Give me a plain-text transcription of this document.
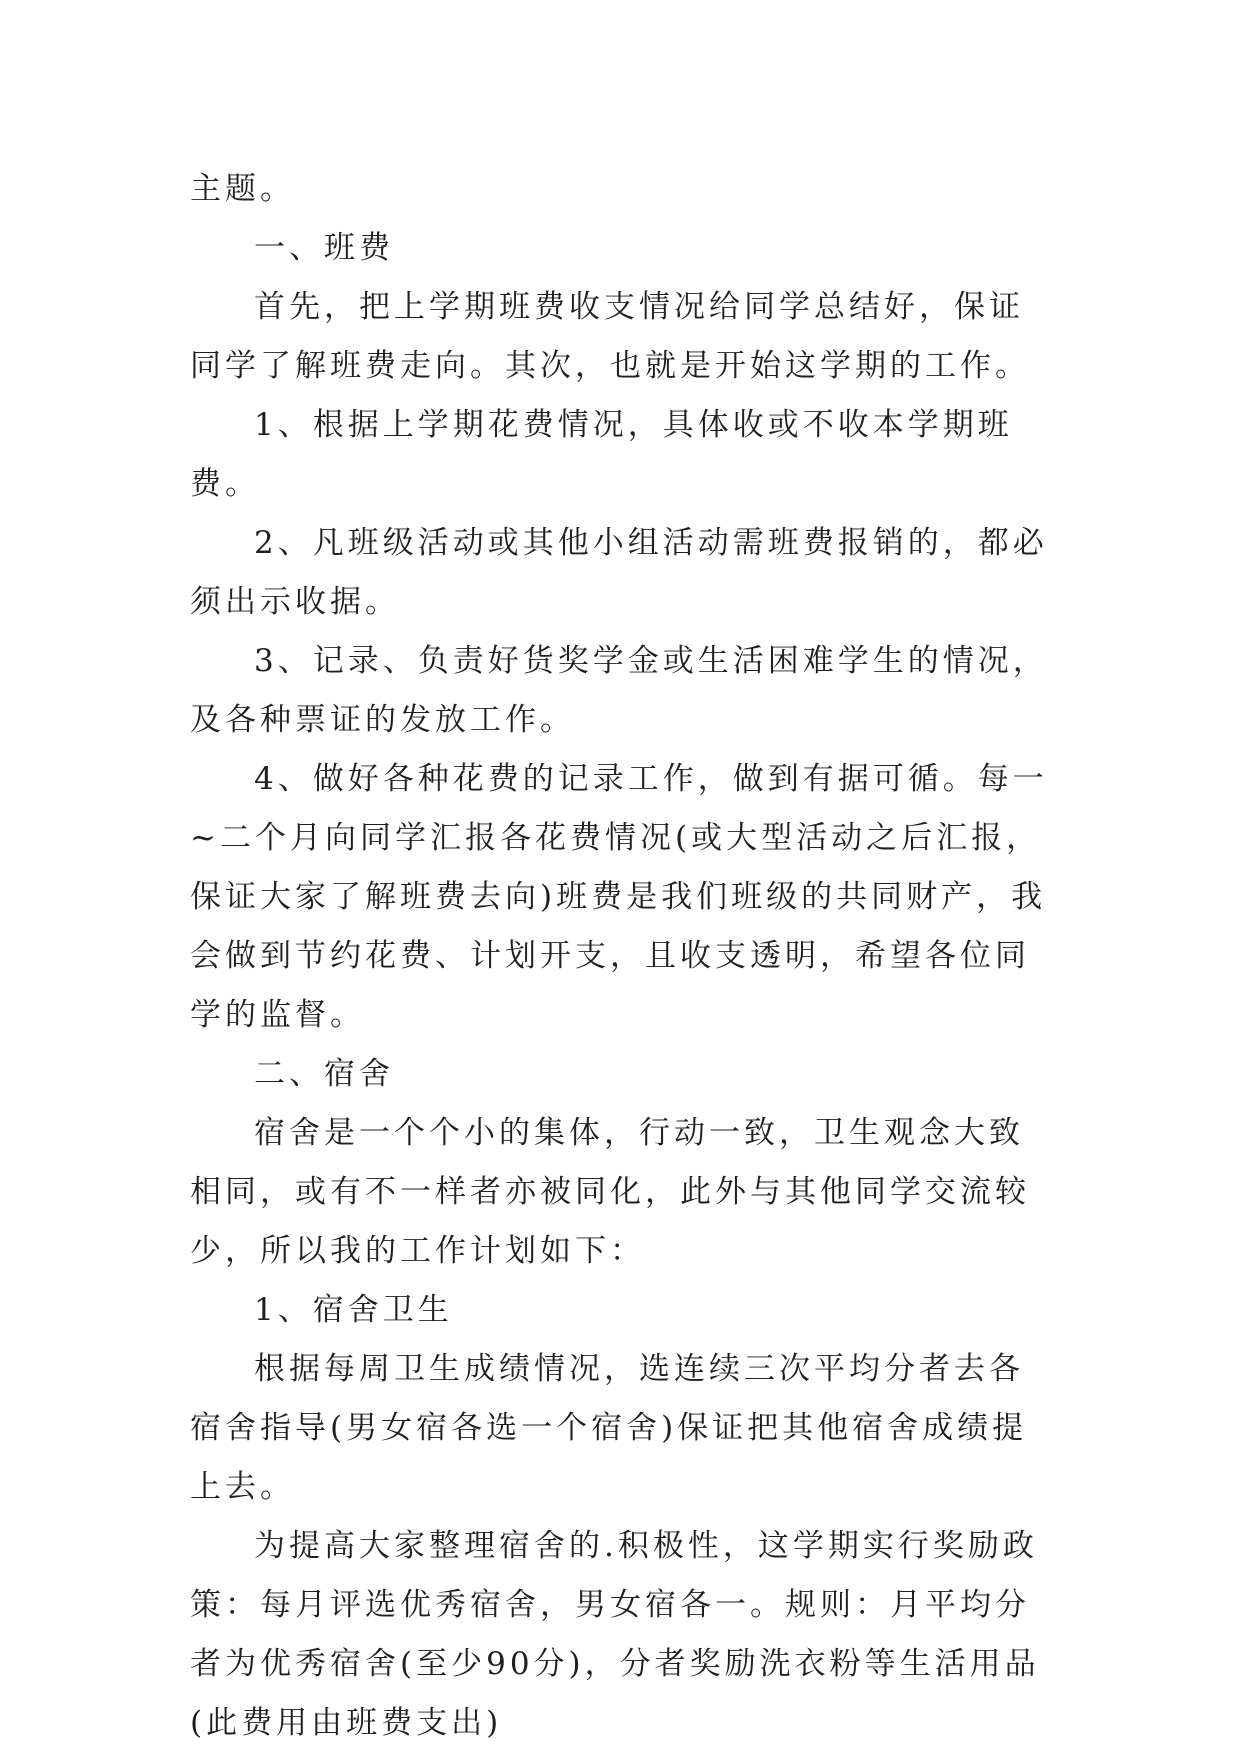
主题。

一、班费

首先，把上学期班费收支情况给同学总结好，保证同学了解班费走向。其次，也就是开始这学期的工作。

1、根据上学期花费情况，具体收或不收本学期班费。

2、凡班级活动或其他小组活动需班费报销的，都必须出示收据。

3、记录、负责好货奖学金或生活困难学生的情况，及各种票证的发放工作。

4、做好各种花费的记录工作，做到有据可循。每一~二个月向同学汇报各花费情况(或大型活动之后汇报，保证大家了解班费去向)班费是我们班级的共同财产，我会做到节约花费、计划开支，且收支透明，希望各位同学的监督。

二、宿舍

宿舍是一个个小的集体，行动一致，卫生观念大致相同，或有不一样者亦被同化，此外与其他同学交流较少，所以我的工作计划如下：

1、宿舍卫生

根据每周卫生成绩情况，选连续三次平均分者去各宿舍指导(男女宿各选一个宿舍)保证把其他宿舍成绩提上去。

为提高大家整理宿舍的.积极性，这学期实行奖励政策：每月评选优秀宿舍，男女宿各一。规则：月平均分者为优秀宿舍(至少90分)，分者奖励洗衣粉等生活用品(此费用由班费支出)
